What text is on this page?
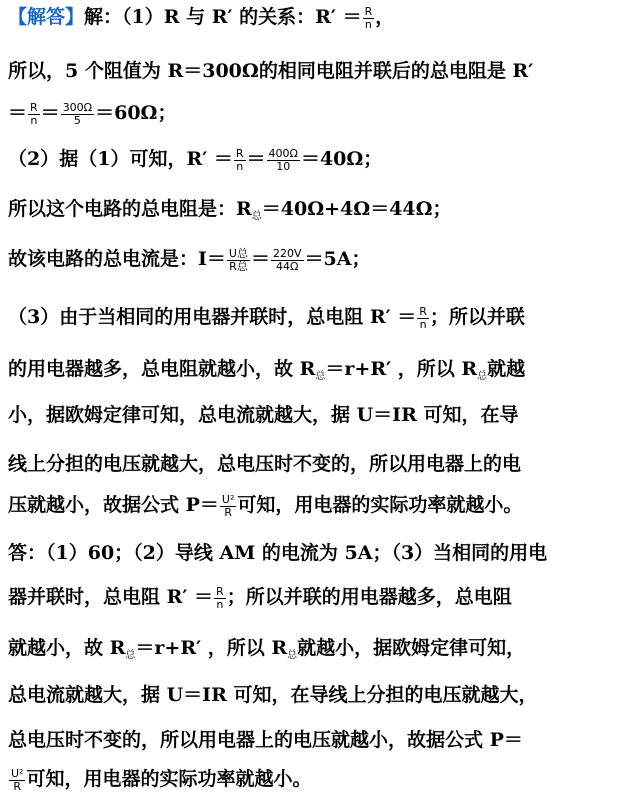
【解答】解：（1）R 与 R′ 的关系：$R' = \frac{R}{n}$ ，
所以，5 个阻值为 R＝300Ω的相同电阻并联后的总电阻是 R′
＝ $\frac{R}{n} = \frac{300\Omega}{5} =60\Omega$；
（2）据（1）可知，$R' = \frac{R}{n} = \frac{400\Omega}{10} =40\Omega$；
所以这个电路的总电阻是：$R_总=40\Omega+4\Omega=44\Omega$；
故该电路的总电流是：$I= \frac{\text{U总}}{\text{R总}} = \frac{220V}{44\Omega} =5A$；
（3）由于当相同的用电器并联时，总电阻 $R' = \frac{R}{n}$ ；所以并联
的用电器越多，总电阻就越小，故 $R_总=r+R'$ ，所以 $R_总$就越
小，据欧姆定律可知，总电流就越大，据 U＝IR 可知，在导
线上分担的电压就越大，总电压时不变的，所以用电器上的电
压就越小，故据公式 $P= \frac{\text{U²}}{R}$ 可知，用电器的实际功率就越小。
答：（1）60；（2）导线 AM 的电流为 5A；（3）当相同的用电
器并联时，总电阻 $R' = \frac{R}{n}$ ；所以并联的用电器越多，总电阻
就越小，故 $R_总=r+R'$ ，所以 $R_总$就越小，据欧姆定律可知，
总电流就越大，据 U＝IR 可知，在导线上分担的电压就越大，
总电压时不变的，所以用电器上的电压就越小，故据公式 P＝
$\frac{\text{U²}}{R}$ 可知，用电器的实际功率就越小。
